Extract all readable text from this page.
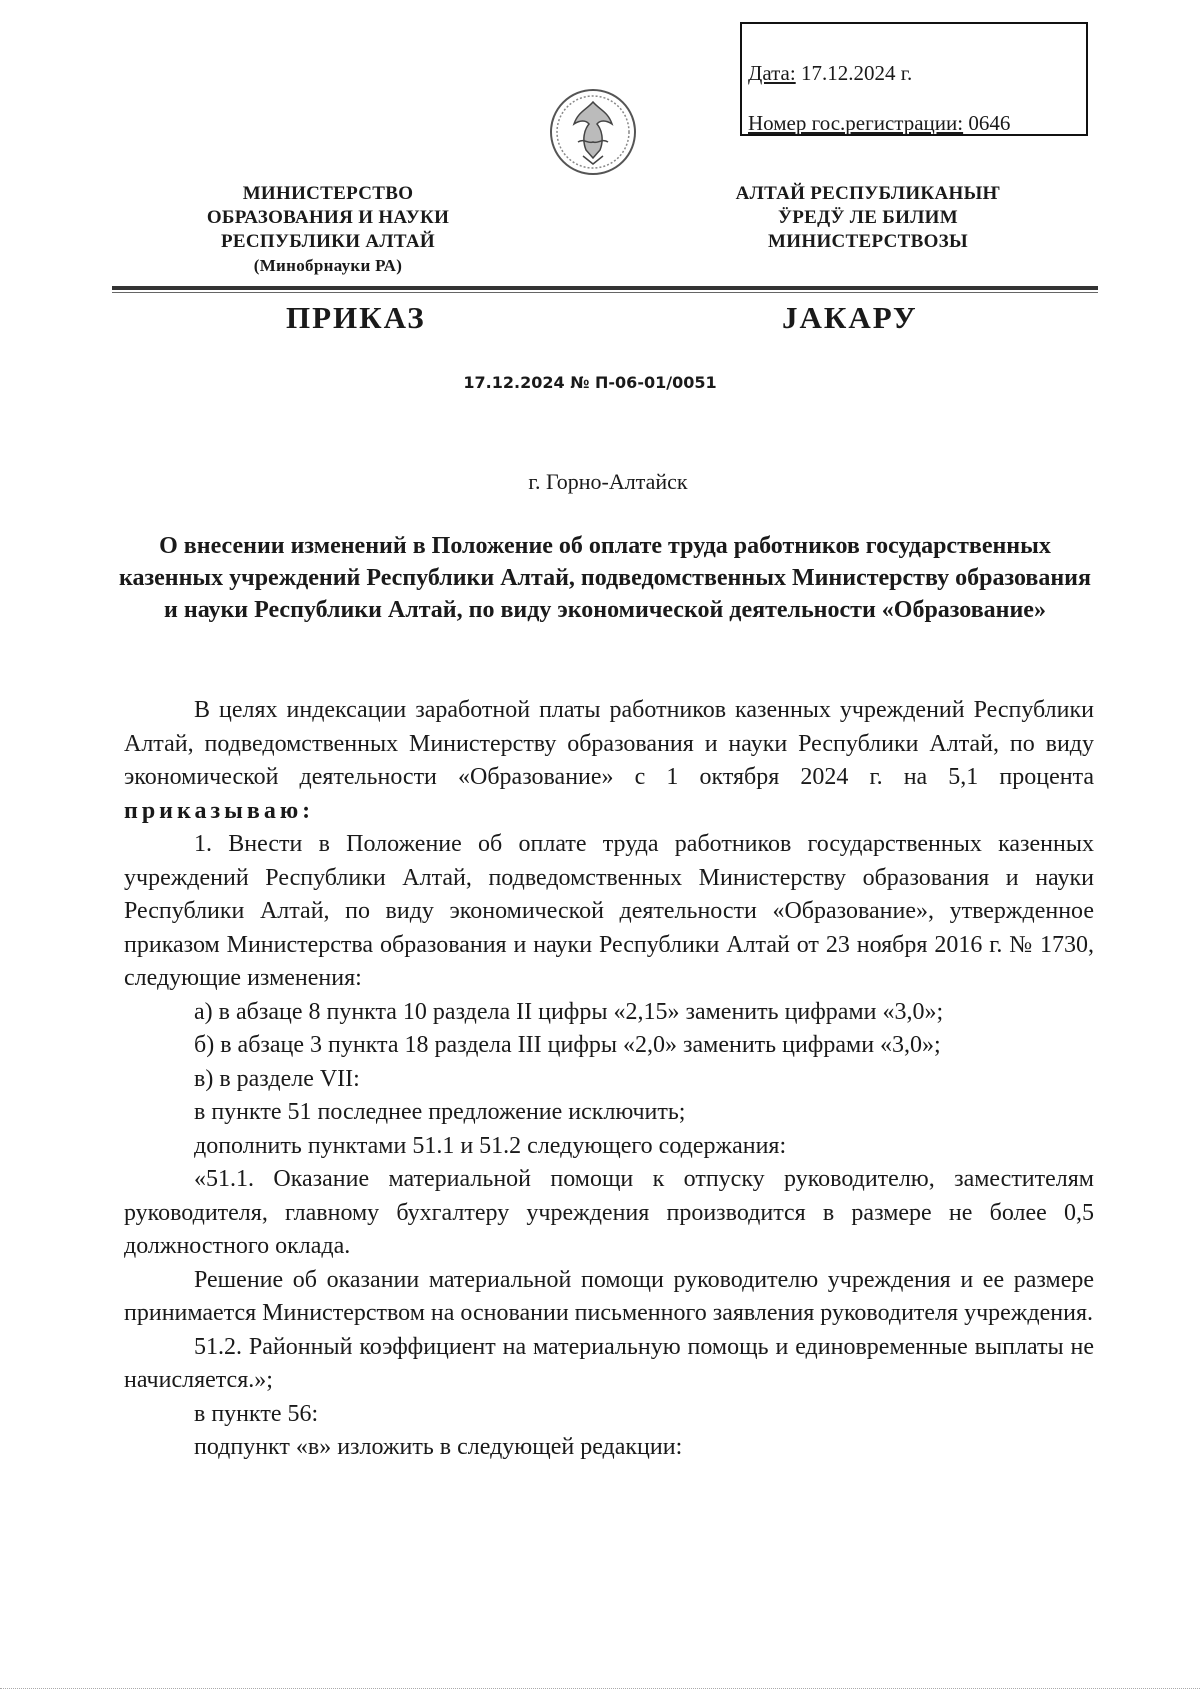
Дата: 17.12.2024 г.
Номер гос.регистрации: 0646
МИНИСТЕРСТВО
ОБРАЗОВАНИЯ И НАУКИ
РЕСПУБЛИКИ АЛТАЙ
(Минобрнауки РА)
АЛТАЙ РЕСПУБЛИКАНЫҤ
ӰРЕДӰ ЛЕ БИЛИМ
МИНИСТЕРСТВОЗЫ
ПРИКАЗ	ЈАКАРУ
17.12.2024 № П-06-01/0051
г. Горно-Алтайск
О внесении изменений в Положение об оплате труда работников государственных казенных учреждений Республики Алтай, подведомственных Министерству образования и науки Республики Алтай, по виду экономической деятельности «Образование»

В целях индексации заработной платы работников казенных учреждений Республики Алтай, подведомственных Министерству образования и науки Республики Алтай, по виду экономической деятельности «Образование» с 1 октября 2024 г. на 5,1 процента приказываю:

1. Внести в Положение об оплате труда работников государственных казенных учреждений Республики Алтай, подведомственных Министерству образования и науки Республики Алтай, по виду экономической деятельности «Образование», утвержденное приказом Министерства образования и науки Республики Алтай от 23 ноября 2016 г. № 1730, следующие изменения:

а) в абзаце 8 пункта 10 раздела II цифры «2,15» заменить цифрами «3,0»;

б) в абзаце 3 пункта 18 раздела III цифры «2,0» заменить цифрами «3,0»;

в) в разделе VII:

в пункте 51 последнее предложение исключить;

дополнить пунктами 51.1 и 51.2 следующего содержания:

«51.1. Оказание материальной помощи к отпуску руководителю, заместителям руководителя, главному бухгалтеру учреждения производится в размере не более 0,5 должностного оклада.

Решение об оказании материальной помощи руководителю учреждения и ее размере принимается Министерством на основании письменного заявления руководителя учреждения.

51.2. Районный коэффициент на материальную помощь и единовременные выплаты не начисляется.»;

в пункте 56:

подпункт «в» изложить в следующей редакции:
